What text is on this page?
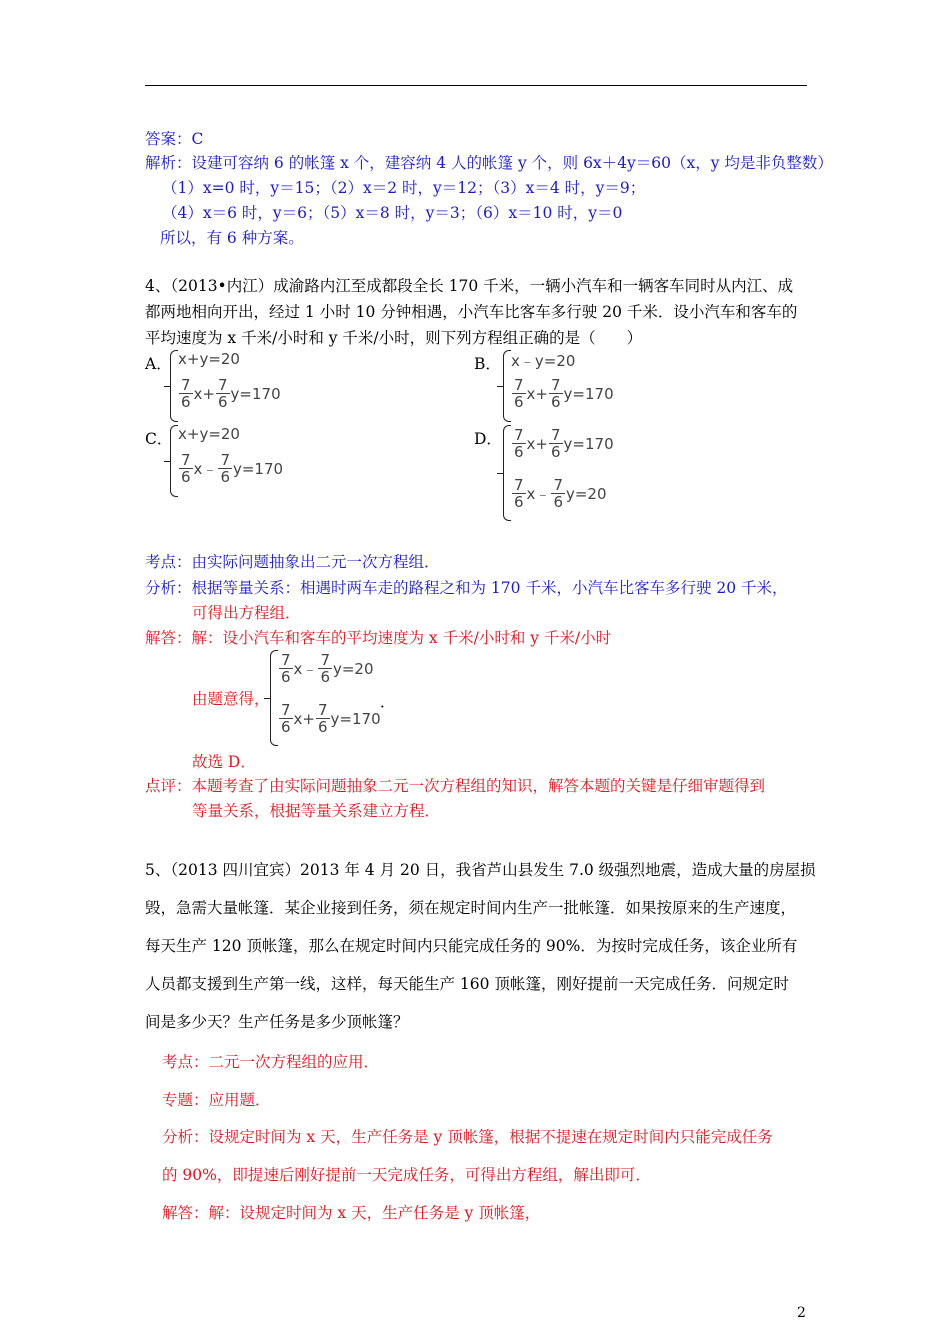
答案：C
解析：设建可容纳 6 的帐篷 x 个，建容纳 4 人的帐篷 y 个，则 6x＋4y＝60（x，y 均是非负整数）
（1）x=0 时，y＝15；（2）x＝2 时，y＝12；（3）x＝4 时，y＝9；
（4）x＝6 时，y＝6；（5）x＝8 时，y＝3；（6）x＝10 时，y＝0
所以，有 6 种方案。
4、（2013•内江）成渝路内江至成都段全长 170 千米，一辆小汽车和一辆客车同时从内江、成
都两地相向开出，经过 1 小时 10 分钟相遇，小汽车比客车多行驶 20 千米．设小汽车和客车的
平均速度为 x 千米/小时和 y 千米/小时，则下列方程组正确的是（　　）
A． x+y=20
$\frac{7}{6} x+ \frac{7}{6} y=170$
B． x﹣y=20
$\frac{7}{6} x+ \frac{7}{6} y=170$
C． x+y=20
$\frac{7}{6}$ x﹣ $\frac{7}{6} y=170$
D． $\frac{7}{6} x+ \frac{7}{6} y=170$
$\frac{7}{6}$ x﹣ $\frac{7}{6} y=20$
考点：由实际问题抽象出二元一次方程组．
分析：根据等量关系：相遇时两车走的路程之和为 170 千米，小汽车比客车多行驶 20 千米，
可得出方程组．
解答：解：设小汽车和客车的平均速度为 x 千米/小时和 y 千米/小时
由题意得，
$\frac{7}{6}$ x﹣ $\frac{7}{6} y=20$
$\frac{7}{6} x+ \frac{7}{6} y=170$
．
故选 D．
点评：本题考查了由实际问题抽象二元一次方程组的知识，解答本题的关键是仔细审题得到
等量关系，根据等量关系建立方程．
5、（2013 四川宜宾）2013 年 4 月 20 日，我省芦山县发生 7.0 级强烈地震，造成大量的房屋损
毁，急需大量帐篷．某企业接到任务，须在规定时间内生产一批帐篷．如果按原来的生产速度，
每天生产 120 顶帐篷，那么在规定时间内只能完成任务的 90%．为按时完成任务，该企业所有
人员都支援到生产第一线，这样，每天能生产 160 顶帐篷，刚好提前一天完成任务．问规定时
间是多少天？生产任务是多少顶帐篷？
考点：二元一次方程组的应用．
专题：应用题．
分析：设规定时间为 x 天，生产任务是 y 顶帐篷，根据不提速在规定时间内只能完成任务
的 90%，即提速后刚好提前一天完成任务，可得出方程组，解出即可．
解答：解：设规定时间为 x 天，生产任务是 y 顶帐篷，
2
